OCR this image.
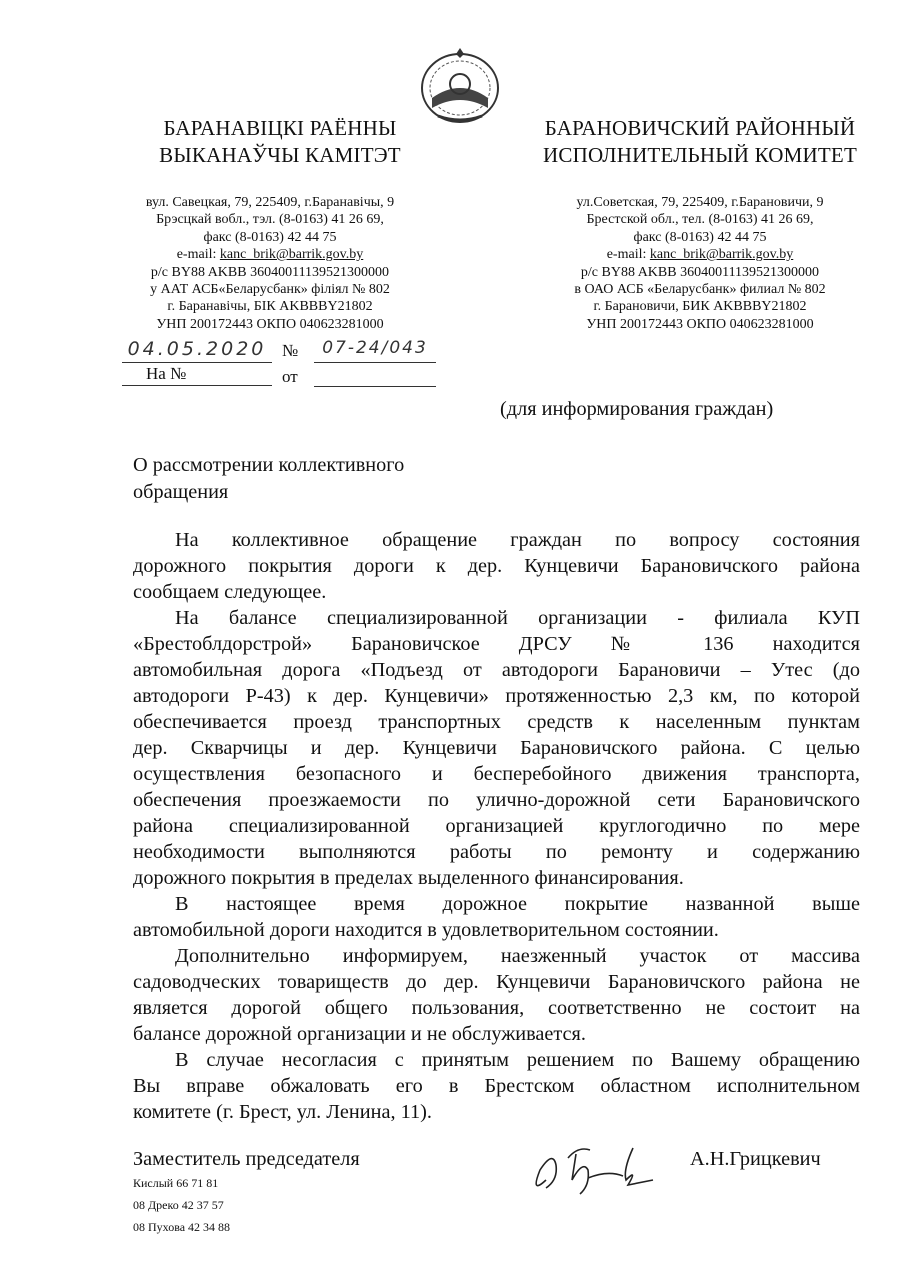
БАРАНАВІЦКІ РАЁННЫ
ВЫКАНАЎЧЫ КАМІТЭТ
БАРАНОВИЧСКИЙ РАЙОННЫЙ
ИСПОЛНИТЕЛЬНЫЙ КОМИТЕТ
вул. Савецкая, 79, 225409, г.Баранавічы, 9
Брэсцкай вобл., тэл. (8-0163) 41 26 69,
факс (8-0163) 42 44 75
e-mail: kanc_brik@barrik.gov.by
р/с BY88 AKBB 36040011139521300000
у ААТ АСБ«Беларусбанк» філіял № 802
г. Баранавічы, БІК AKBBBY21802
УНП 200172443 ОКПО 040623281000
ул.Советская, 79, 225409, г.Барановичи, 9
Брестской обл., тел. (8-0163) 41 26 69,
факс (8-0163) 42 44 75
e-mail: kanc_brik@barrik.gov.by
р/с BY88 AKBB 36040011139521300000
в ОАО АСБ «Беларусбанк» филиал № 802
г. Барановичи, БИК AKBBBY21802
УНП 200172443 ОКПО 040623281000
04.05.2020 №	07-24/043
На №	от
(для информирования граждан)
О рассмотрении коллективного
обращения
На коллективное обращение граждан по вопросу состояния
дорожного покрытия дороги к дер. Кунцевичи Барановичского района
сообщаем следующее.
На балансе специализированной организации - филиала КУП
«Брестоблдорстрой» Барановичское ДРСУ № 136 находится
автомобильная дорога «Подъезд от автодороги Барановичи – Утес (до
автодороги Р-43) к дер. Кунцевичи» протяженностью 2,3 км, по которой
обеспечивается проезд транспортных средств к населенным пунктам
дер. Скварчицы и дер. Кунцевичи Барановичского района. С целью
осуществления безопасного и бесперебойного движения транспорта,
обеспечения проезжаемости по улично-дорожной сети Барановичского
района специализированной организацией круглогодично по мере
необходимости выполняются работы по ремонту и содержанию
дорожного покрытия в пределах выделенного финансирования.
В настоящее время дорожное покрытие названной выше
автомобильной дороги находится в удовлетворительном состоянии.
Дополнительно информируем, наезженный участок от массива
садоводческих товариществ до дер. Кунцевичи Барановичского района не
является дорогой общего пользования, соответственно не состоит на
балансе дорожной организации и не обслуживается.
В случае несогласия с принятым решением по Вашему обращению
Вы вправе обжаловать его в Брестском областном исполнительном
комитете (г. Брест, ул. Ленина, 11).
Заместитель председателя	А.Н.Грицкевич
Кислый 66 71 81
08 Дреко 42 37 57
08 Пухова 42 34 88
